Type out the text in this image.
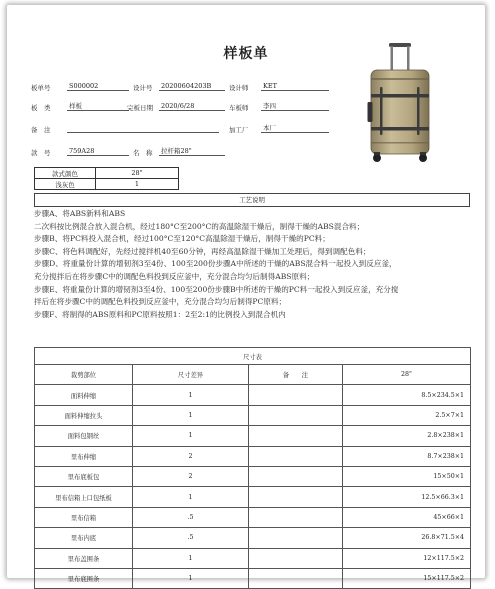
样板单
板单号	S000002	设计号	20200604203B	设计师	KET
板　类	样板	完板日期	2020/6/28	车板师	李四
备　注	加工厂	本厂
款　号	759A28	名　称	拉杆箱28"
款式颜色	28"
浅灰色	1
工艺说明
步骤A、将ABS新料和ABS
二次料按比例混合放入混合机，经过180°C至200°C的高温除湿干燥后，制得干燥的ABS混合料；
步骤B、将PC料投入混合机，经过100°C至120°C高温除湿干燥后，制得干燥的PC料；
步骤C、将色料调配好，先经过搅拌机40至60分钟，再经高温除湿干燥加工处理后，得到调配色料；
步骤D、将重量份计算的增韧剂3至4份、100至200份步骤A中所述的干燥的ABS混合料一起投入到反应釜，
充分搅拌后在将步骤C中的调配色料投到反应釜中，充分混合均匀后制得ABS原料；
步骤E、将重量份计算的增韧剂3至4份、100至200份步骤B中所述的干燥的PC料一起投入到反应釜，充分搅
拌后在将步骤C中的调配色料投到反应釜中，充分混合均匀后制得PC原料；
步骤F、将制得的ABS原料和PC原料按照1：2至2:1的比例投入到混合机内
尺寸表			
裁剪部位	尺寸差异	备　　注	28"
面料伸缩	1		8.5×234.5×1
面料伸缩拉头	1		2.5×7×1
面料包钢丝	1		2.8×238×1
里布伸缩	2		8.7×238×1
里布底板包	2		15×50×1
里布信箱上口包纸板	1		12.5×66.3×1
里布信箱	.5		45×66×1
里布内底	.5		26.8×71.5×4
里布盖围条	1		12×117.5×2
里布底围条	1		15×117.5×2
